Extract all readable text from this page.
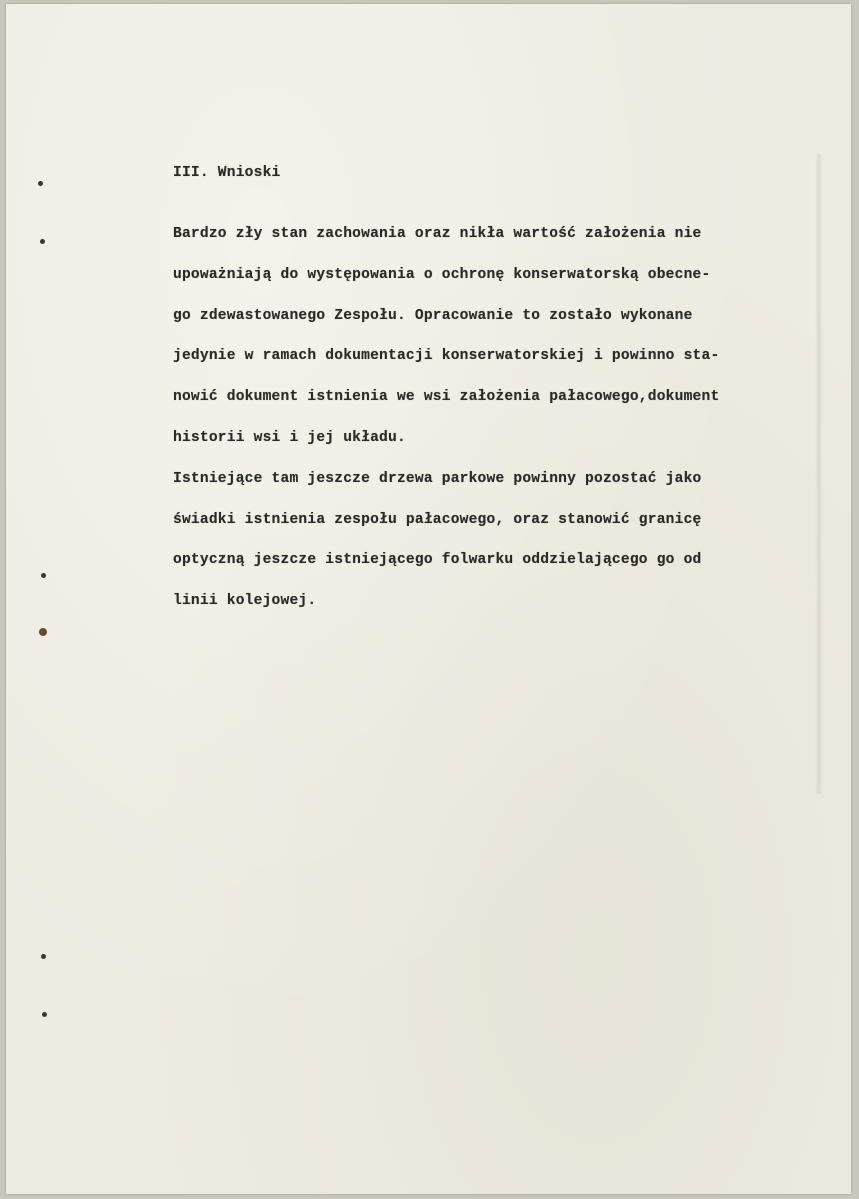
III. Wnioski
Bardzo zły stan zachowania oraz nikła wartość założenia nie
upoważniają do występowania o ochronę konserwatorską obecne-
go zdewastowanego Zespołu. Opracowanie to zostało wykonane
jedynie w ramach dokumentacji konserwatorskiej i powinno sta-
nowić dokument istnienia we wsi założenia pałacowego,dokument
historii wsi i jej układu.
Istniejące tam jeszcze drzewa parkowe powinny pozostać jako
świadki istnienia zespołu pałacowego, oraz stanowić granicę
optyczną jeszcze istniejącego folwarku oddzielającego go od
linii kolejowej.
